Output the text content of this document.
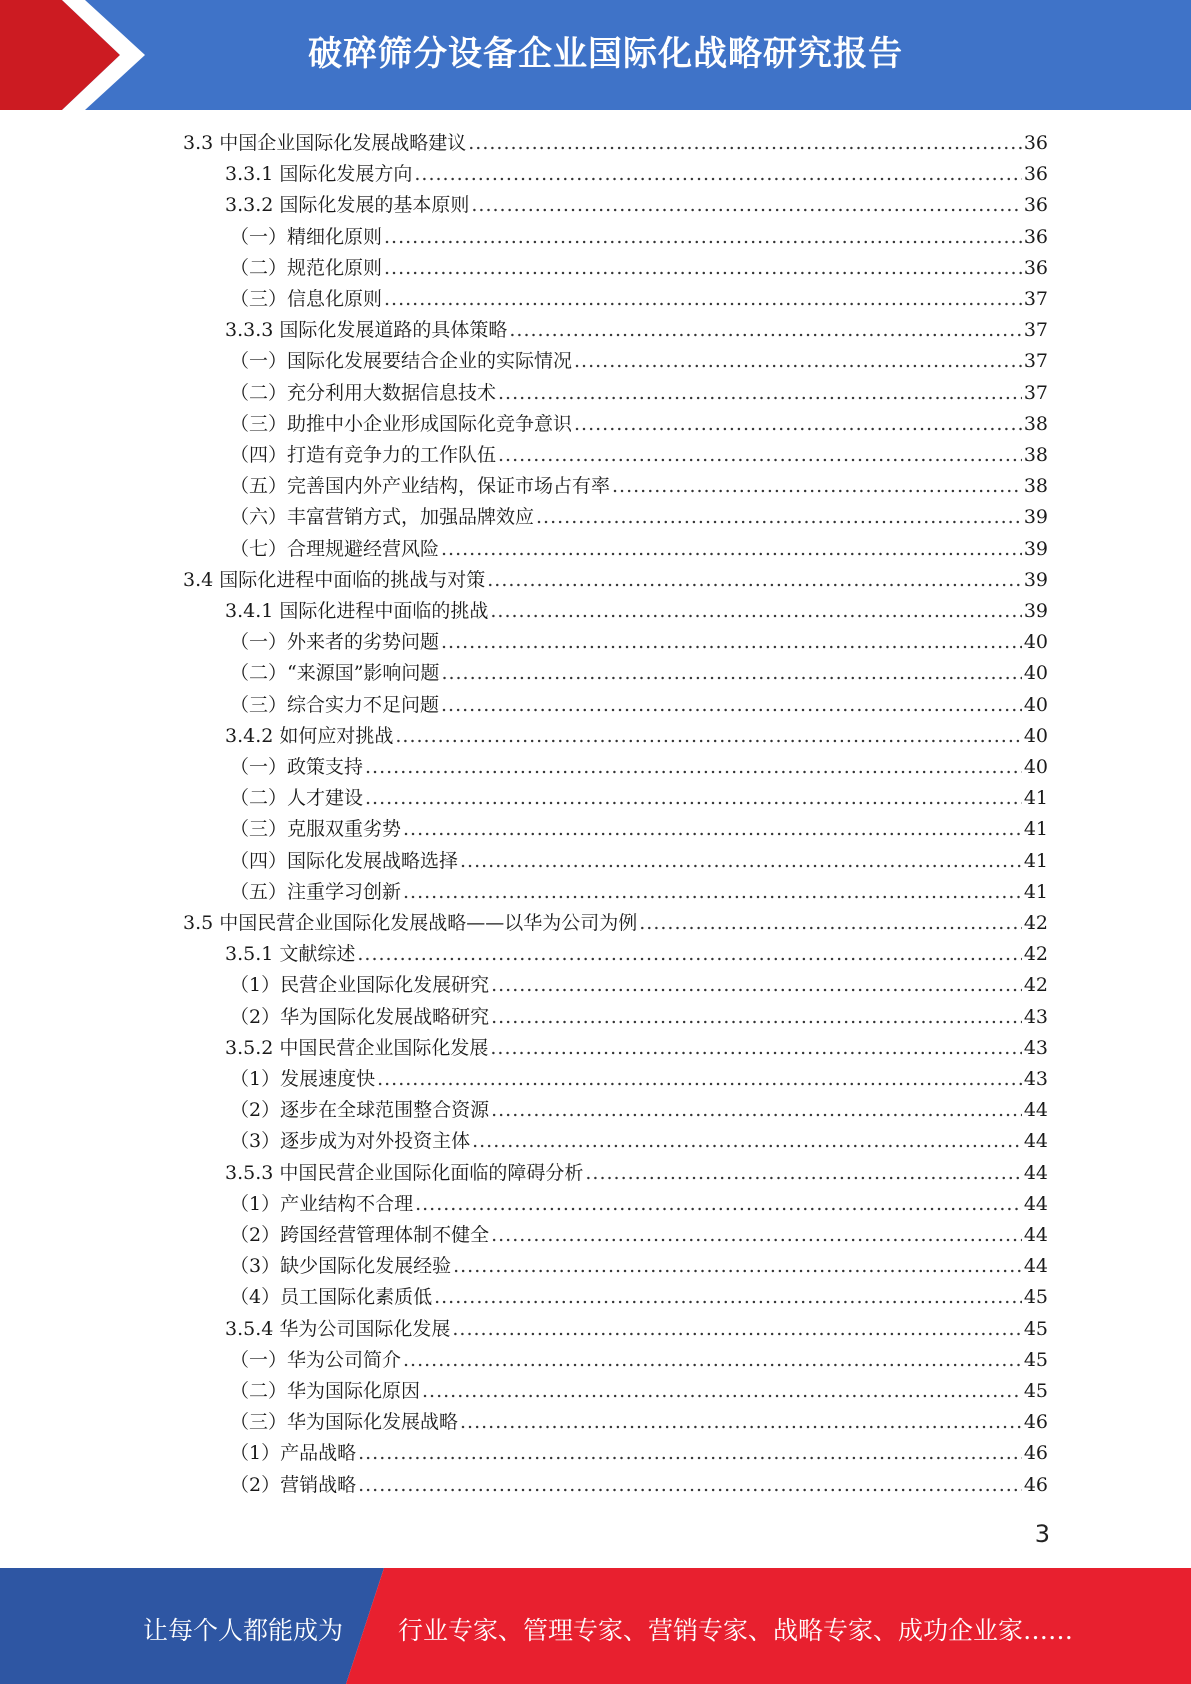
破碎筛分设备企业国际化战略研究报告
3.3 中国企业国际化发展战略建议 .....	36
3.3.1 国际化发展方向 .....	36
3.3.2 国际化发展的基本原则 .....	36
（一）精细化原则 .....	36
（二）规范化原则 .....	36
（三）信息化原则 .....	37
3.3.3 国际化发展道路的具体策略 .....	37
（一）国际化发展要结合企业的实际情况 .....	37
（二）充分利用大数据信息技术 .....	37
（三）助推中小企业形成国际化竞争意识 .....	38
（四）打造有竞争力的工作队伍 .....	38
（五）完善国内外产业结构，保证市场占有率 .....	38
（六）丰富营销方式，加强品牌效应 .....	39
（七）合理规避经营风险 .....	39
3.4 国际化进程中面临的挑战与对策 .....	39
3.4.1 国际化进程中面临的挑战 .....	39
（一）外来者的劣势问题 .....	40
（二）“来源国”影响问题 .....	40
（三）综合实力不足问题 .....	40
3.4.2 如何应对挑战 .....	40
（一）政策支持 .....	40
（二）人才建设 .....	41
（三）克服双重劣势 .....	41
（四）国际化发展战略选择 .....	41
（五）注重学习创新 .....	41
3.5 中国民营企业国际化发展战略——以华为公司为例 .....	42
3.5.1 文献综述 .....	42
（1）民营企业国际化发展研究 .....	42
（2）华为国际化发展战略研究 .....	43
3.5.2 中国民营企业国际化发展 .....	43
（1）发展速度快 .....	43
（2）逐步在全球范围整合资源 .....	44
（3）逐步成为对外投资主体 .....	44
3.5.3 中国民营企业国际化面临的障碍分析 .....	44
（1）产业结构不合理 .....	44
（2）跨国经营管理体制不健全 .....	44
（3）缺少国际化发展经验 .....	44
（4）员工国际化素质低 .....	45
3.5.4 华为公司国际化发展 .....	45
（一）华为公司简介 .....	45
（二）华为国际化原因 .....	45
（三）华为国际化发展战略 .....	46
（1）产品战略 .....	46
（2）营销战略 .....	46
3
让每个人都能成为 行业专家、管理专家、营销专家、战略专家、成功企业家……
